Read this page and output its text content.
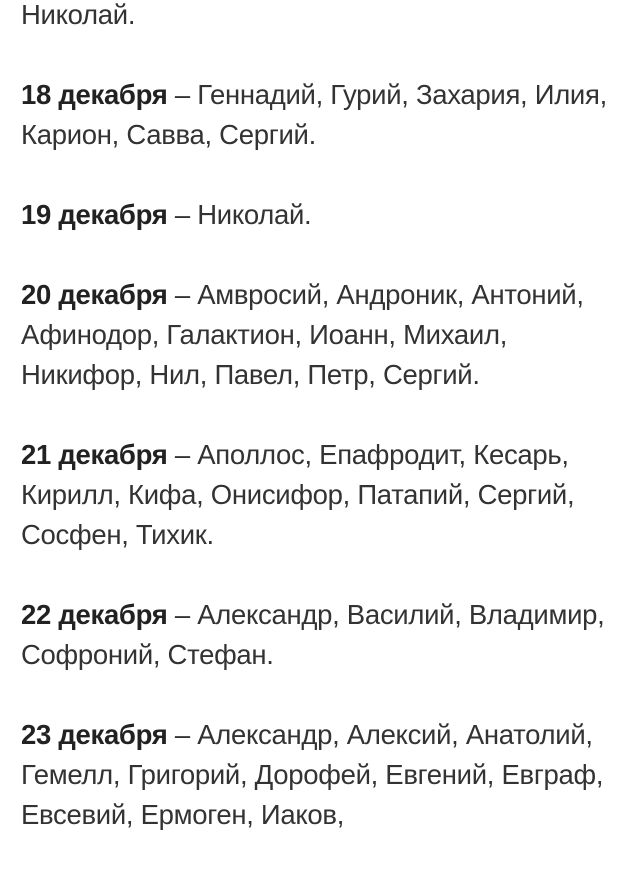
Николай.

18 декабря – Геннадий, Гурий, Захария, Илия, Карион, Савва, Сергий.

19 декабря – Николай.

20 декабря – Амвросий, Андроник, Антоний, Афинодор, Галактион, Иоанн, Михаил, Никифор, Нил, Павел, Петр, Сергий.

21 декабря – Аполлос, Епафродит, Кесарь, Кирилл, Кифа, Онисифор, Патапий, Сергий, Сосфен, Тихик.

22 декабря – Александр, Василий, Владимир, Софроний, Стефан.

23 декабря – Александр, Алексий, Анатолий, Гемелл, Григорий, Дорофей, Евгений, Евграф, Евсевий, Ермоген, Иаков,
